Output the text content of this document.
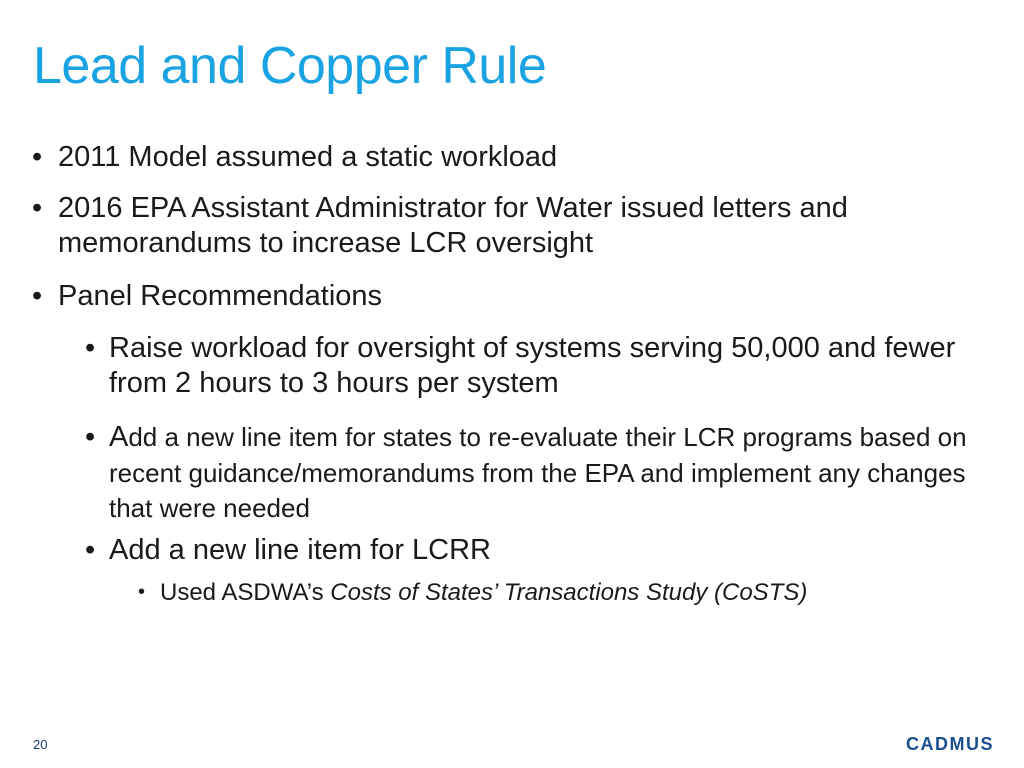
Lead and Copper Rule

• 2011 Model assumed a static workload

• 2016 EPA Assistant Administrator for Water issued letters and memorandums to increase LCR oversight

• Panel Recommendations

• Raise workload for oversight of systems serving 50,000 and fewer from 2 hours to 3 hours per system

• Add a new line item for states to re-evaluate their LCR programs based on recent guidance/memorandums from the EPA and implement any changes that were needed

• Add a new line item for LCRR

• Used ASDWA’s Costs of States’ Transactions Study (CoSTS)

20	CADMUS
